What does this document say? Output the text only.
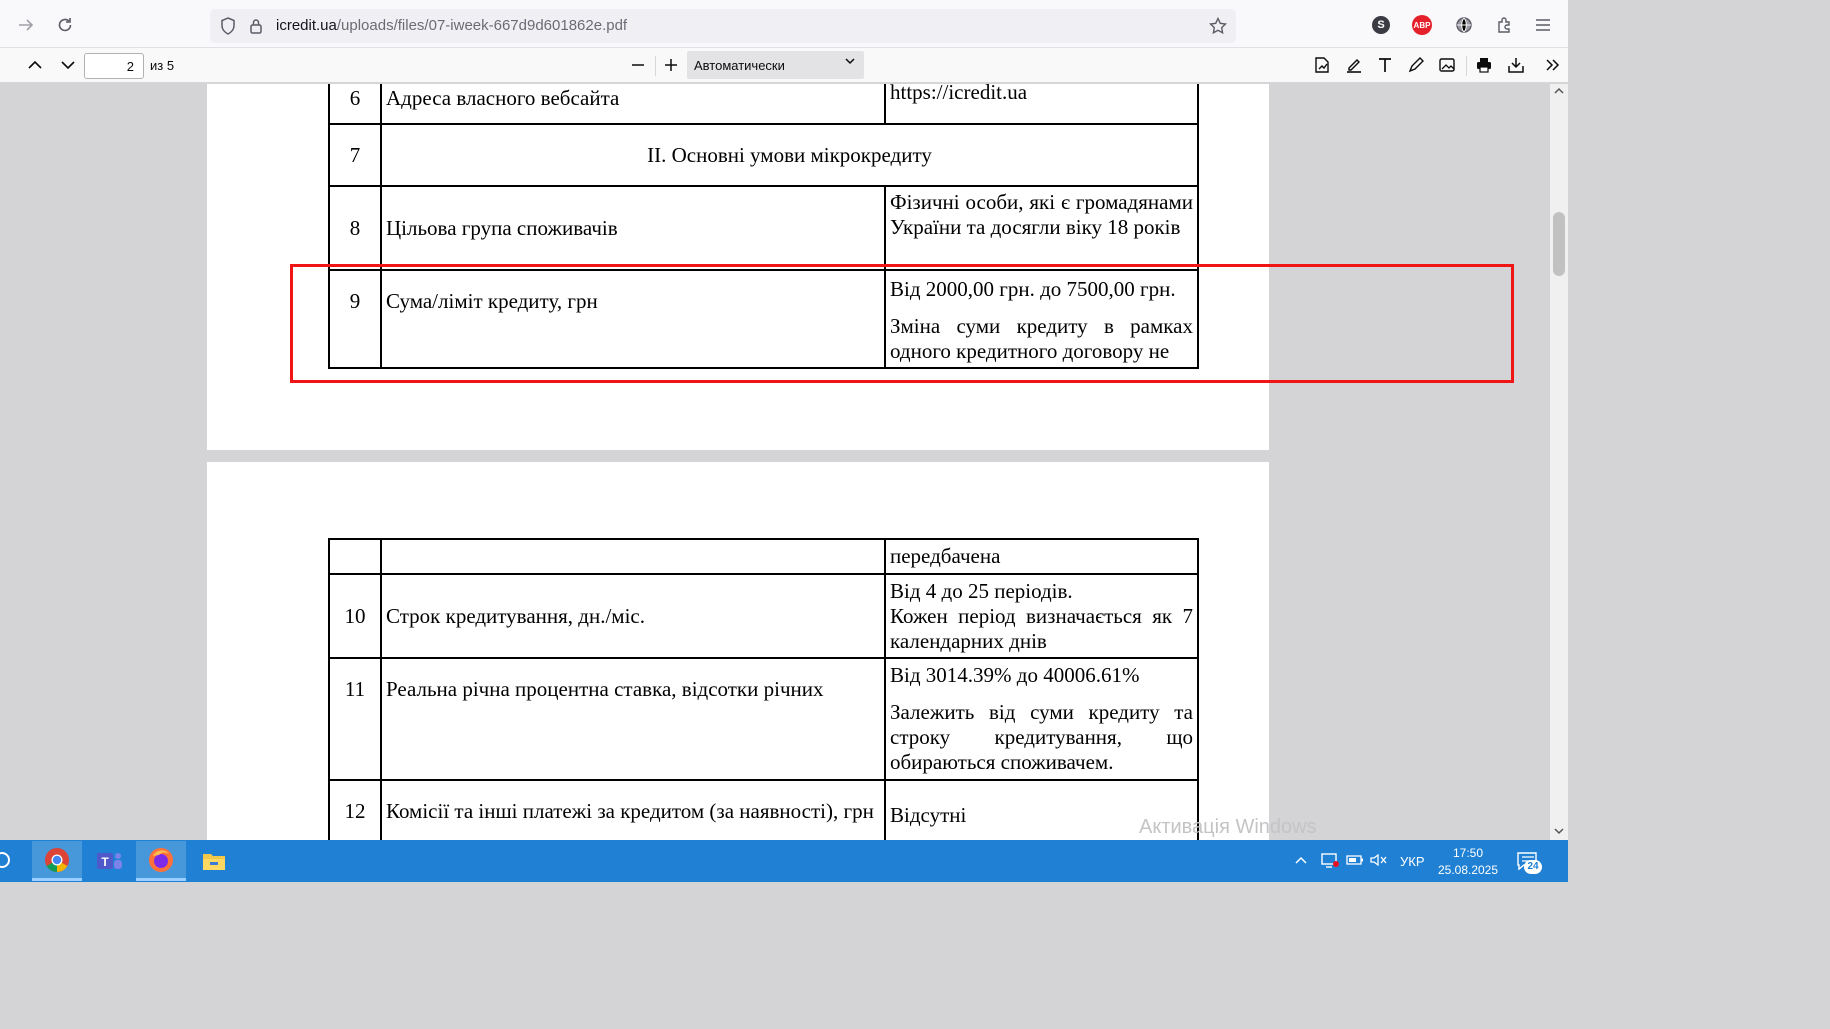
icredit.ua/uploads/files/07-iweek-667d9d601862e.pdf	S	ABP
2	из 5	Автоматически
6	Адреса власного вебсайта	https://icredit.ua

7	ІІ. Основні умови мікрокредиту	
8	Цільова група споживачів	Фізичні особи, які є громадянами України та досягли віку 18 років

9	Сума/ліміт кредиту, грн	Від 2000,00 грн. до 7500,00 грн.

Зміна суми кредиту в рамках одного кредитного договору не

		передбачена

10	Строк кредитування, дн./міс.	Від 4 до 25 періодів.

Кожен період визначається як 7 календарних днів

11	Реальна річна процентна ставка, відсотки річних	Від 3014.39% до 40006.61%

Залежить від суми кредиту та строку кредитування, що обираються споживачем.

12	Комісії та інші платежі за кредитом (за наявності), грн	Відсутні

Активація Windows
T	УКР
17:50
25.08.2025	24
